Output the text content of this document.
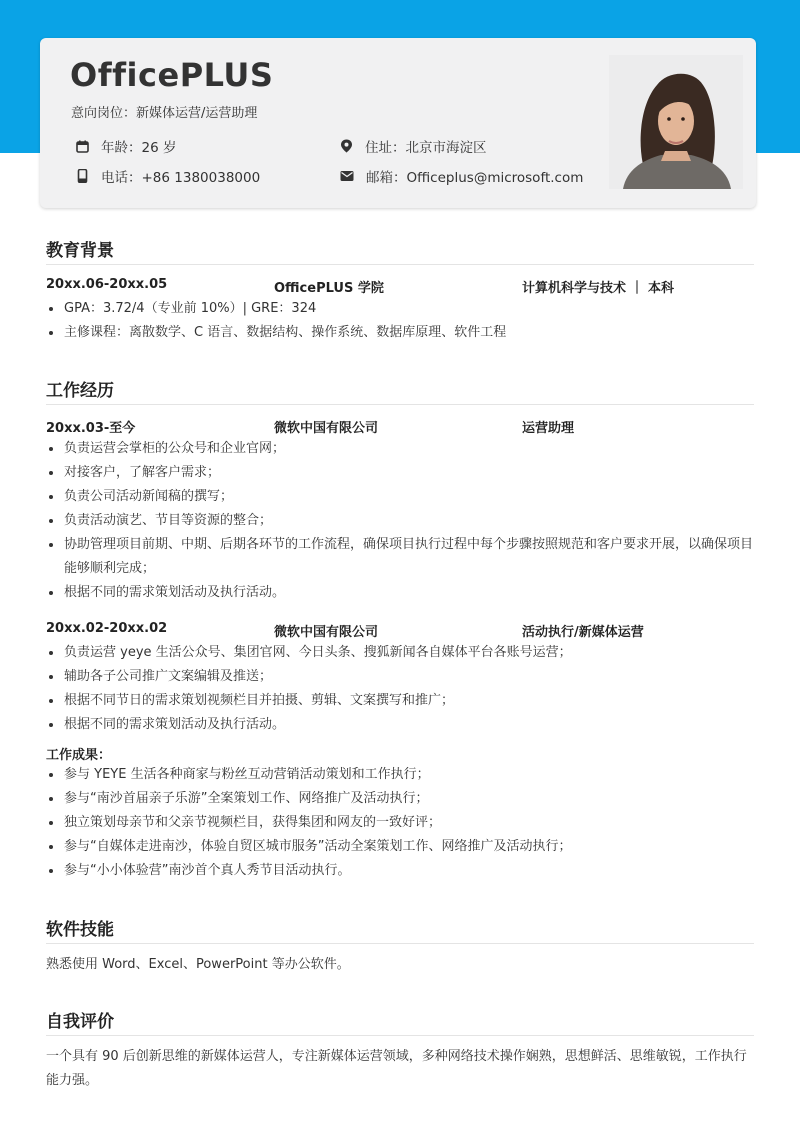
OfficePLUS
意向岗位：新媒体运营/运营助理
年龄：26 岁	住址：北京市海淀区
电话：+86 1380038000	邮箱：Officeplus@microsoft.com
教育背景
20xx.06-20xx.05	OfficePLUS 学院	计算机科学与技术 ｜ 本科
GPA：3.72/4（专业前 10%）| GRE：324
主修课程：离散数学、C 语言、数据结构、操作系统、数据库原理、软件工程
工作经历
20xx.03-至今	微软中国有限公司	运营助理
负责运营会掌柜的公众号和企业官网；
对接客户，了解客户需求；
负责公司活动新闻稿的撰写；
负责活动演艺、节目等资源的整合；
协助管理项目前期、中期、后期各环节的工作流程，确保项目执行过程中每个步骤按照规范和客户要求开展，以确保项目能够顺利完成；
根据不同的需求策划活动及执行活动。
20xx.02-20xx.02	微软中国有限公司	活动执行/新媒体运营
负责运营 yeye 生活公众号、集团官网、今日头条、搜狐新闻各自媒体平台各账号运营；
辅助各子公司推广文案编辑及推送；
根据不同节日的需求策划视频栏目并拍摄、剪辑、文案撰写和推广；
根据不同的需求策划活动及执行活动。
工作成果：
参与 YEYE 生活各种商家与粉丝互动营销活动策划和工作执行；
参与“南沙首届亲子乐游”全案策划工作、网络推广及活动执行；
独立策划母亲节和父亲节视频栏目，获得集团和网友的一致好评；
参与“自媒体走进南沙，体验自贸区城市服务”活动全案策划工作、网络推广及活动执行；
参与“小小体验营”南沙首个真人秀节目活动执行。
软件技能

熟悉使用 Word、Excel、PowerPoint 等办公软件。

自我评价

一个具有 90 后创新思维的新媒体运营人，专注新媒体运营领域，多种网络技术操作娴熟，思想鲜活、思维敏锐，工作执行能力强。
